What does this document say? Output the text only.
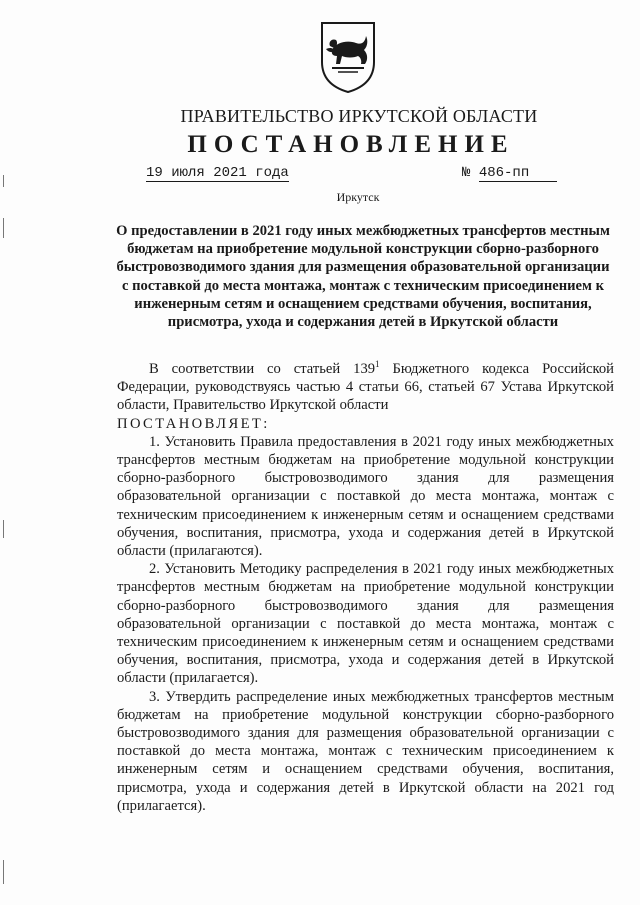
ПРАВИТЕЛЬСТВО ИРКУТСКОЙ ОБЛАСТИ
ПОСТАНОВЛЕНИЕ
19 июля 2021 года	№ 486-пп
Иркутск
О предоставлении в 2021 году иных межбюджетных трансфертов местным бюджетам на приобретение модульной конструкции сборно-разборного быстровозводимого здания для размещения образовательной организации с поставкой до места монтажа, монтаж с техническим присоединением к инженерным сетям и оснащением средствами обучения, воспитания, присмотра, ухода и содержания детей в Иркутской области

В соответствии со статьей $139^1$ Бюджетного кодекса Российской Федерации, руководствуясь частью 4 статьи 66, статьей 67 Устава Иркутской области, Правительство Иркутской области

ПОСТАНОВЛЯЕТ:

1. Установить Правила предоставления в 2021 году иных межбюджетных трансфертов местным бюджетам на приобретение модульной конструкции сборно-разборного быстровозводимого здания для размещения образовательной организации с поставкой до места монтажа, монтаж с техническим присоединением к инженерным сетям и оснащением средствами обучения, воспитания, присмотра, ухода и содержания детей в Иркутской области (прилагаются).

2. Установить Методику распределения в 2021 году иных межбюджетных трансфертов местным бюджетам на приобретение модульной конструкции сборно-разборного быстровозводимого здания для размещения образовательной организации с поставкой до места монтажа, монтаж с техническим присоединением к инженерным сетям и оснащением средствами обучения, воспитания, присмотра, ухода и содержания детей в Иркутской области (прилагается).

3. Утвердить распределение иных межбюджетных трансфертов местным бюджетам на приобретение модульной конструкции сборно-разборного быстровозводимого здания для размещения образовательной организации с поставкой до места монтажа, монтаж с техническим присоединением к инженерным сетям и оснащением средствами обучения, воспитания, присмотра, ухода и содержания детей в Иркутской области на 2021 год (прилагается).
